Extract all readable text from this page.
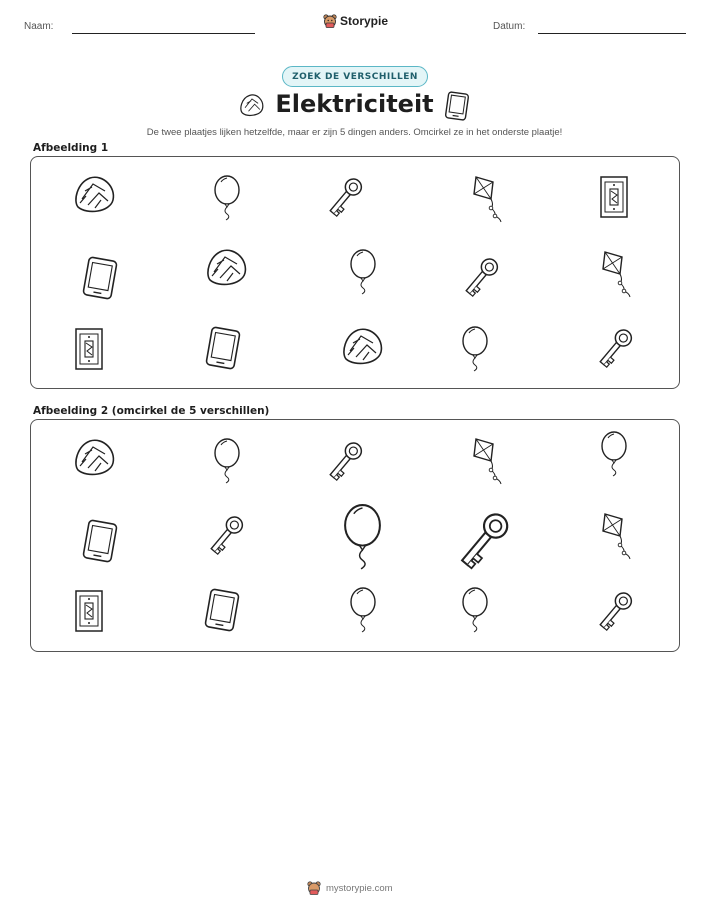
Naam:	Storypie	Datum:
ZOEK DE VERSCHILLEN
Elektriciteit
De twee plaatjes lijken hetzelfde, maar er zijn 5 dingen anders. Omcirkel ze in het onderste plaatje!
Afbeelding 1
Afbeelding 2 (omcirkel de 5 verschillen)
mystorypie.com
